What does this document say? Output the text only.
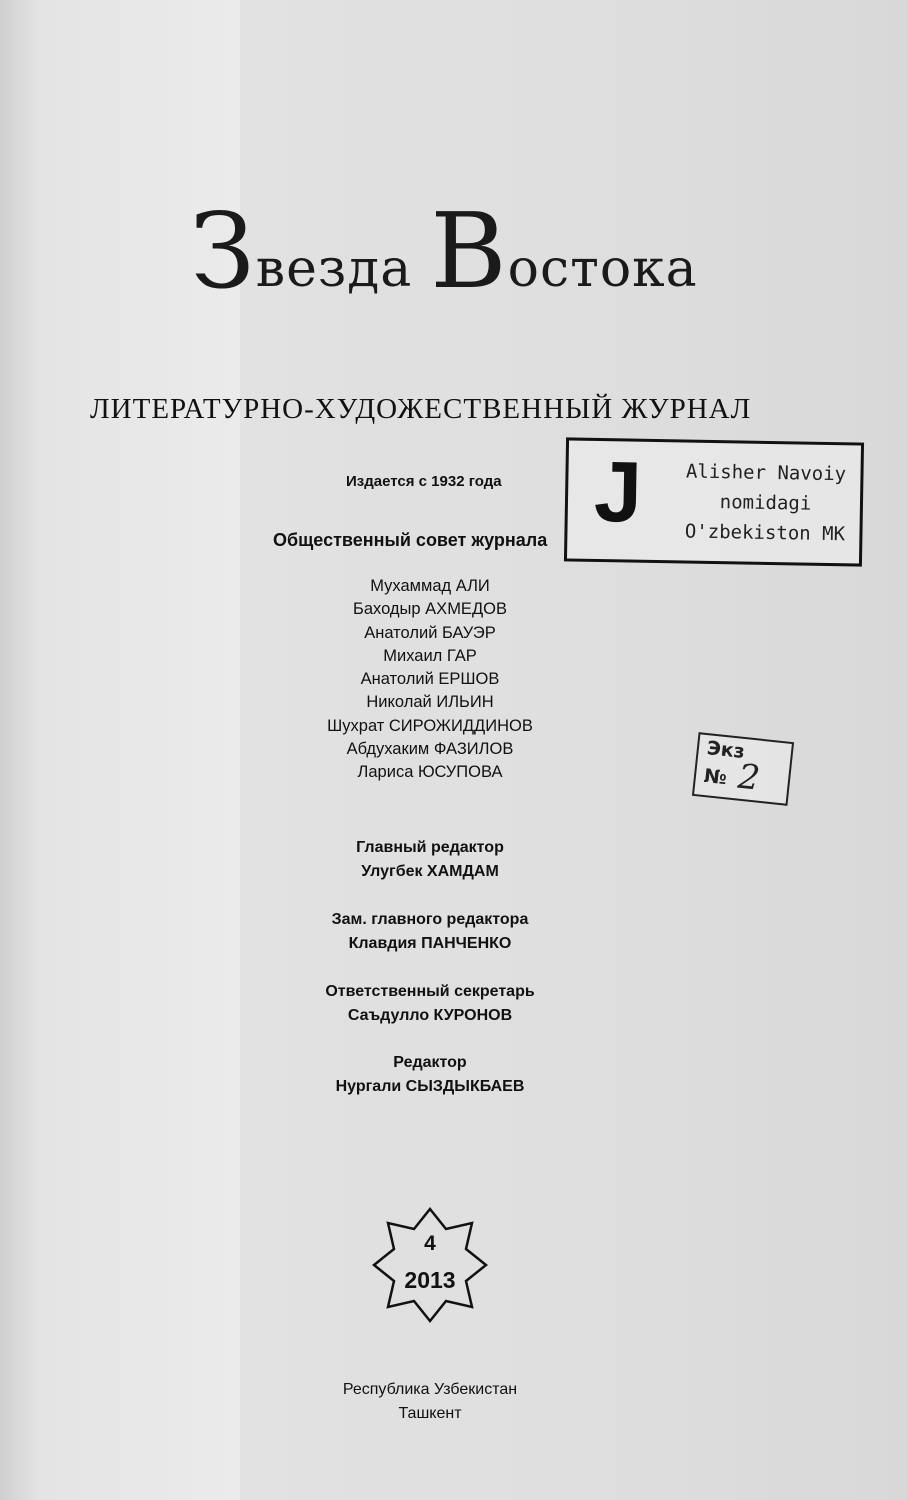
З везда В остока
ЛИТЕРАТУРНО-ХУДОЖЕСТВЕННЫЙ ЖУРНАЛ
Издается с 1932 года
Общественный совет журнала
Мухаммад АЛИ
Баходыр АХМЕДОВ
Анатолий БАУЭР
Михаил ГАР
Анатолий ЕРШОВ
Николай ИЛЬИН
Шухрат СИРОЖИДДИНОВ
Абдухаким ФАЗИЛОВ
Лариса ЮСУПОВА
Главный редактор
Улугбек ХАМДАМ
Зам. главного редактора
Клавдия ПАНЧЕНКО
Ответственный секретарь
Саъдулло КУРОНОВ
Редактор
Нургали СЫЗДЫКБАЕВ
4
2013
Республика Узбекистан
Ташкент
J	Alisher Navoiy
nomidagi
O'zbekiston MK
Экз
№ 2
